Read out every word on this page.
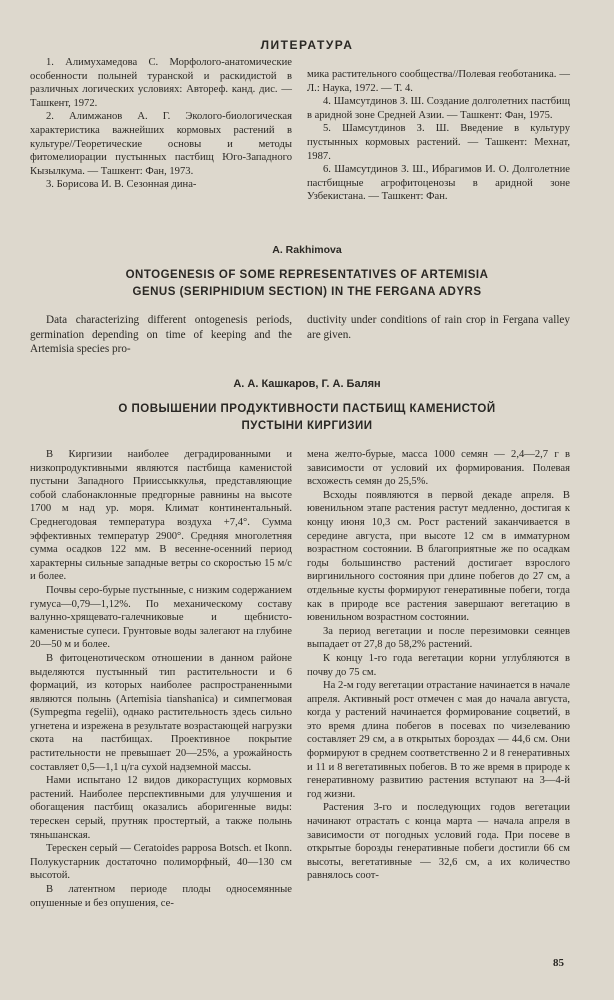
ЛИТЕРАТУРА

1. Алимухамедова С. Морфолого-анатомические особенности полыней туранской и раскидистой в различных логических условиях: Автореф. канд. дис. — Ташкент, 1972.

2. Алимжанов А. Г. Эколого-биологическая характеристика важнейших кормовых растений в культуре//Теоретические основы и методы фитомелиорации пустынных пастбищ Юго-Западного Кызылкума. — Ташкент: Фан, 1973.

3. Борисова И. В. Сезонная дина-

мика растительного сообщества//Полевая геоботаника. — Л.: Наука, 1972. — Т. 4.

4. Шамсутдинов З. Ш. Создание долголетних пастбищ в аридной зоне Средней Азии. — Ташкент: Фан, 1975.

5. Шамсутдинов З. Ш. Введение в культуру пустынных кормовых растений. — Ташкент: Мехнат, 1987.

6. Шамсутдинов З. Ш., Ибрагимов И. О. Долголетние пастбищные агрофитоценозы в аридной зоне Узбекистана. — Ташкент: Фан.

A. Rakhimova
ONTOGENESIS OF SOME REPRESENTATIVES OF ARTEMISIA
GENUS (SERIPHIDIUM SECTION) IN THE FERGANA ADYRS

Data characterizing different ontogenesis periods, germination depending on time of keeping and the Artemisia species pro-

ductivity under conditions of rain crop in Fergana valley are given.

А. А. Кашкаров, Г. А. Балян
О ПОВЫШЕНИИ ПРОДУКТИВНОСТИ ПАСТБИЩ КАМЕНИСТОЙ
ПУСТЫНИ КИРГИЗИИ

В Киргизии наиболее деградированными и низкопродуктивными являются пастбища каменистой пустыни Западного Прииссыккулья, представляющие собой слабонаклонные предгорные равнины на высоте 1700 м над ур. моря. Климат континентальный. Среднегодовая температура воздуха +7,4°. Сумма эффективных температур 2900°. Средняя многолетняя сумма осадков 122 мм. В весенне-осенний период характерны сильные западные ветры со скоростью 15 м/с и более.

Почвы серо-бурые пустынные, с низким содержанием гумуса—0,79—1,12%. По механическому составу валунно-хрящевато-галечниковые и щебнисто-каменистые супеси. Грунтовые воды залегают на глубине 20—50 м и более.

В фитоценотическом отношении в данном районе выделяются пустынный тип растительности и 6 формаций, из которых наиболее распространенными являются полынь (Artemisia tianshanica) и симпегмовая (Sympegma regelii), однако растительность здесь сильно угнетена и изрежена в результате возрастающей нагрузки скота на пастбищах. Проективное покрытие растительности не превышает 20—25%, а урожайность составляет 0,5—1,1 ц/га сухой надземной массы.

Нами испытано 12 видов дикорастущих кормовых растений. Наиболее перспективными для улучшения и обогащения пастбищ оказались аборигенные виды: терескен серый, прутняк простертый, а также полынь тяньшанская.

Терескен серый — Ceratoides papposa Botsch. et Ikonn. Полукустарник достаточно полиморфный, 40—130 см высотой.

В латентном периоде плоды односемянные опушенные и без опушения, се-

мена желто-бурые, масса 1000 семян — 2,4—2,7 г в зависимости от условий их формирования. Полевая всхожесть семян до 25,5%.

Всходы появляются в первой декаде апреля. В ювенильном этапе растения растут медленно, достигая к концу июня 10,3 см. Рост растений заканчивается в середине августа, при высоте 12 см в имматурном возрастном состоянии. В благоприятные же по осадкам годы большинство растений достигает взрослого виргинильного состояния при длине побегов до 27 см, а отдельные кусты формируют генеративные побеги, тогда как в природе все растения завершают вегетацию в ювенильном возрастном состоянии.

За период вегетации и после перезимовки сеянцев выпадает от 27,8 до 58,2% растений.

К концу 1-го года вегетации корни углубляются в почву до 75 см.

На 2-м году вегетации отрастание начинается в начале апреля. Активный рост отмечен с мая до начала августа, когда у растений начинается формирование соцветий, в это время длина побегов в посевах по чизелеванию составляет 29 см, а в открытых бороздах — 44,6 см. Они формируют в среднем соответственно 2 и 8 генеративных и 11 и 8 вегетативных побегов. В то же время в природе к генеративному развитию растения вступают на 3—4-й год жизни.

Растения 3-го и последующих годов вегетации начинают отрастать с конца марта — начала апреля в зависимости от погодных условий года. При посеве в открытые борозды генеративные побеги достигли 66 см высоты, вегетативные — 32,6 см, а их количество равнялось соот-

85
